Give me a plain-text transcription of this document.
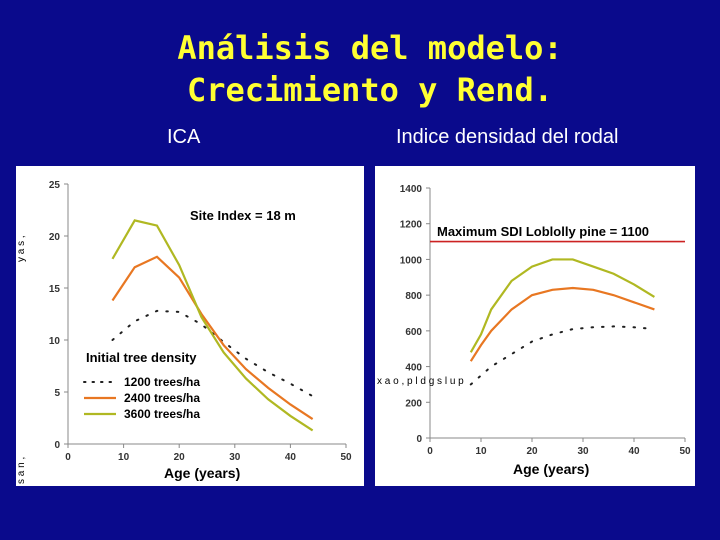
Análisis del modelo:
Crecimiento y Rend.
ICA	Indice densidad del rodal
0	10	20	30	40	50
0
5
10
15
20
25
Site Index = 18 m
Initial tree density
1200 trees/ha
2400 trees/ha
3600 trees/ha
Age (years)
y a s ,
s a n ,
0	10	20	30	40	50
0
200
400
600
800
1000
1200
1400
Maximum SDI Loblolly pine = 1100
Age (years)
x a o , p l d g s l u p
